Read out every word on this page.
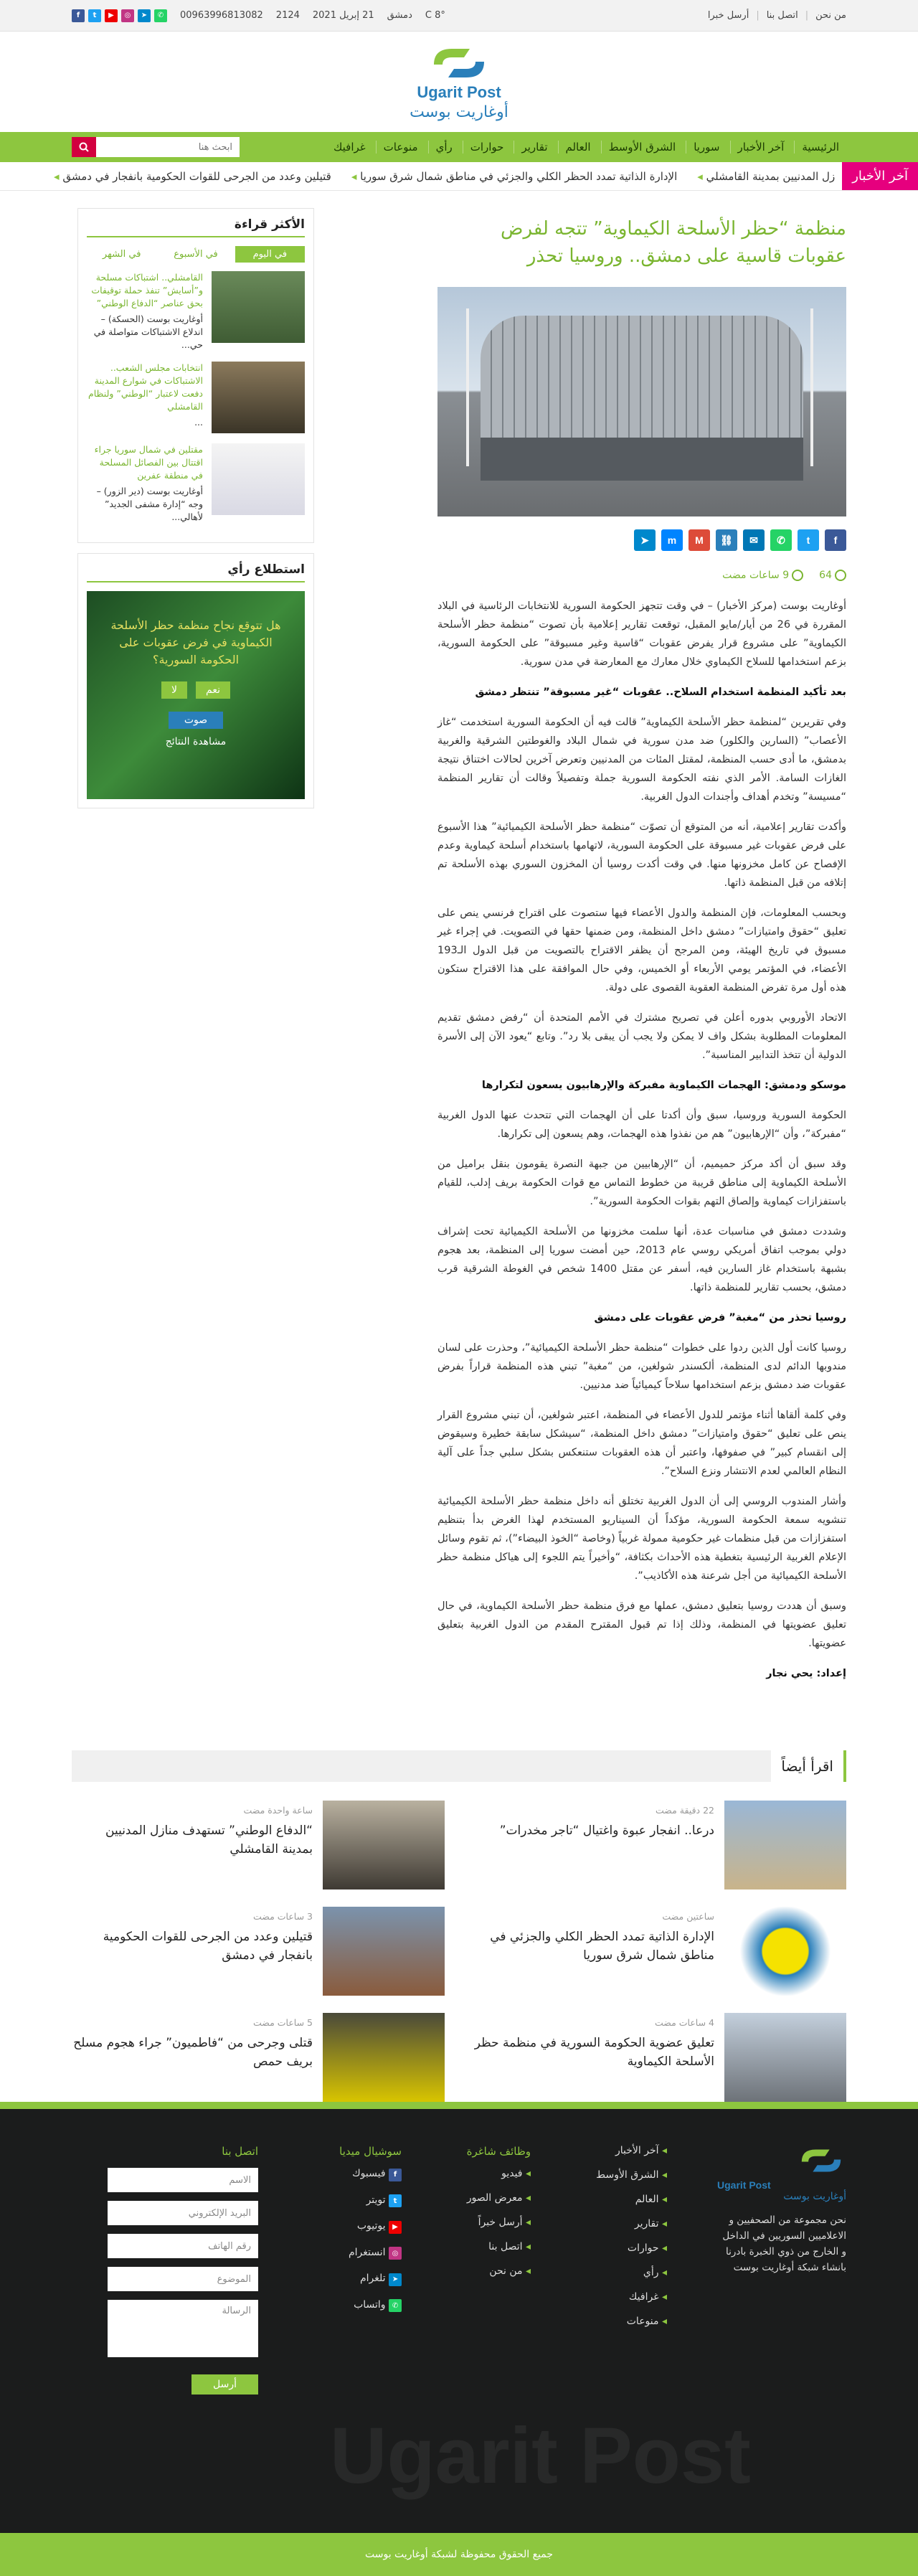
من نحن
|
اتصل بنا
|
أرسل خبرا
°C 8
دمشق
21 إبريل 2021
2124
00963996813082
f	t	▶	◎	➤	✆
Ugarit Post
أوغاريت بوست
الرئيسية
آخر الأخبار
سوريا
الشرق الأوسط
العالم
تقارير
حوارات
رأي
منوعات
غرافيك
ابحث هنا
آخر الأخبار
زل المدنيين بمدينة القامشلي ◂
الإدارة الذاتية تمدد الحظر الكلي والجزئي في مناطق شمال شرق سوريا ◂
قتيلين وعدد من الجرحى للقوات الحكومية بانفجار في دمشق ◂
منظمة “حظر الأسلحة الكيماوية” تتجه لفرض عقوبات قاسية على دمشق.. وروسيا تحذر
f
t
✆
✉
⛓
M
m
➤
64
9 ساعات مضت

أوغاريت بوست (مركز الأخبار) – في وقت تتجهز الحكومة السورية للانتخابات الرئاسية في البلاد المقررة في 26 من أيار/مايو المقبل، توقعت تقارير إعلامية بأن تصوت “منظمة حظر الأسلحة الكيماوية” على مشروع قرار يفرض عقوبات “قاسية وغير مسبوقة” على الحكومة السورية، بزعم استخدامها للسلاح الكيماوي خلال معارك مع المعارضة في مدن سورية.

بعد تأكيد المنظمة استخدام السلاح.. عقوبات “غير مسبوقة” تنتظر دمشق

وفي تقريرين “لمنظمة حظر الأسلحة الكيماوية” قالت فيه أن الحكومة السورية استخدمت “غاز الأعصاب” (السارين والكلور) ضد مدن سورية في شمال البلاد والغوطتين الشرقية والغربية بدمشق، ما أدى حسب المنظمة، لمقتل المئات من المدنيين وتعرض آخرين لحالات اختناق نتيجة الغازات السامة. الأمر الذي نفته الحكومة السورية جملة وتفصيلاً وقالت أن تقارير المنظمة “مسيسة” وتخدم أهداف وأجندات الدول الغربية.

وأكدت تقارير إعلامية، أنه من المتوقع أن تصوّت “منظمة حظر الأسلحة الكيميائية” هذا الأسبوع على فرض عقوبات غير مسبوقة على الحكومة السورية، لاتهامها باستخدام أسلحة كيماوية وعدم الإفصاح عن كامل مخزونها منها. في وقت أكدت روسيا أن المخزون السوري بهذه الأسلحة تم إتلافه من قبل المنظمة ذاتها.

وبحسب المعلومات، فإن المنظمة والدول الأعضاء فيها ستصوت على اقتراح فرنسي ينص على تعليق “حقوق وامتيازات” دمشق داخل المنظمة، ومن ضمنها حقها في التصويت. في إجراء غير مسبوق في تاريخ الهيئة، ومن المرجح أن يظفر الاقتراح بالتصويت من قبل الدول الـ193 الأعضاء، في المؤتمر يومي الأربعاء أو الخميس، وفي حال الموافقة على هذا الاقتراح ستكون هذه أول مرة تفرض المنظمة العقوبة القصوى على دولة.

الاتحاد الأوروبي بدوره أعلن في تصريح مشترك في الأمم المتحدة أن “رفض دمشق تقديم المعلومات المطلوبة بشكل واف لا يمكن ولا يجب أن يبقى بلا رد”. وتابع “يعود الآن إلى الأسرة الدولية أن تتخذ التدابير المناسبة”.

موسكو ودمشق: الهجمات الكيماوية مفبركة والإرهابيون يسعون لتكرارها

الحكومة السورية وروسيا، سبق وأن أكدتا على أن الهجمات التي تتحدث عنها الدول الغربية “مفبركة”، وأن “الإرهابيون” هم من نفذوا هذه الهجمات، وهم يسعون إلى تكرارها.

وقد سبق أن أكد مركز حميميم، أن “الإرهابيين من جبهة النصرة يقومون بنقل براميل من الأسلحة الكيماوية إلى مناطق قريبة من خطوط التماس مع قوات الحكومة بريف إدلب، للقيام باستفزازات كيماوية وإلصاق التهم بقوات الحكومة السورية”.

وشددت دمشق في مناسبات عدة، أنها سلمت مخزونها من الأسلحة الكيميائية تحت إشراف دولي بموجب اتفاق أمريكي روسي عام 2013، حين أمضت سوريا إلى المنظمة، بعد هجوم بشبهة باستخدام غاز السارين فيه، أسفر عن مقتل 1400 شخص في الغوطة الشرقية قرب دمشق، بحسب تقارير للمنظمة ذاتها.

روسيا تحذر من “مغبة” فرض عقوبات على دمشق

روسيا كانت أول الذين ردوا على خطوات “منظمة حظر الأسلحة الكيميائية”، وحذرت على لسان مندوبها الدائم لدى المنظمة، ألكسندر شولغين، من “مغبة” تبني هذه المنظمة قراراً بفرض عقوبات ضد دمشق بزعم استخدامها سلاحاً كيميائياً ضد مدنيين.

وفي كلمة ألقاها أثناء مؤتمر للدول الأعضاء في المنظمة، اعتبر شولغين، أن تبني مشروع القرار ينص على تعليق “حقوق وامتيازات” دمشق داخل المنظمة، “سيشكل سابقة خطيرة وسيقوض إلى انقسام كبير” في صفوفها، واعتبر أن هذه العقوبات ستنعكس بشكل سلبي جداً على آلية النظام العالمي لعدم الانتشار ونزع السلاح”.

وأشار المندوب الروسي إلى أن الدول الغربية تختلق أنه داخل منظمة حظر الأسلحة الكيميائية تنشويه سمعة الحكومة السورية، مؤكداً أن السيناريو المستخدم لهذا الغرض بدأ بتنظيم استفزازات من قبل منظمات غير حكومية ممولة غربياً (وخاصة “الخوذ البيضاء”)، ثم تقوم وسائل الإعلام الغربية الرئيسية بتغطية هذه الأحداث بكثافة، “وأخيراً يتم اللجوء إلى هياكل منظمة حظر الأسلحة الكيميائية من أجل شرعنة هذه الأكاذيب”.

وسبق أن هددت روسيا بتعليق دمشق، عملها مع فرق منظمة حظر الأسلحة الكيماوية، في حال تعليق عضويتها في المنظمة، وذلك إذا تم قبول المقترح المقدم من الدول الغربية بتعليق عضويتها.

إعداد: يحي نجار

الأكثر قراءة
في اليوم
في الأسبوع
في الشهر
القامشلي.. اشتباكات مسلحة و”أسايش” تنفذ حملة توقيفات بحق عناصر “الدفاع الوطني”
أوغاريت بوست (الحسكة) – اندلاع الاشتباكات متواصلة في حي...
انتخابات مجلس الشعب.. الاشتباكات في شوارع المدينة دفعت لاعتبار “الوطني” ولنظام القامشلي
...
مقتلين في شمال سوريا جراء اقتتال بين الفصائل المسلحة في منطقة عفرين
أوغاريت بوست (دير الزور) – وجه “إدارة مشفى الجديد” لأهالي...
استطلاع رأي
هل تتوقع نجاح منظمة حظر الأسلحة الكيماوية في فرض عقوبات على الحكومة السورية؟
نعم
لا
صوت
مشاهدة النتائج
اقرأ أيضاً
22 دقيقة مضت
درعا.. انفجار عبوة واغتيال “تاجر مخدرات”
ساعة واحدة مضت
“الدفاع الوطني” تستهدف منازل المدنيين بمدينة القامشلي
ساعتين مضت
الإدارة الذاتية تمدد الحظر الكلي والجزئي في مناطق شمال شرق سوريا
3 ساعات مضت
قتيلين وعدد من الجرحى للقوات الحكومية بانفجار في دمشق
4 ساعات مضت
تعليق عضوية الحكومة السورية في منظمة حظر الأسلحة الكيماوية
5 ساعات مضت
قتلى وجرحى من “فاطميون” جراء هجوم مسلح بريف حمص
Ugarit Post
Ugarit Post
أوغاريت بوست
نحن مجموعة من الصحفيين و الاعلاميين السوريين في الداخل و الخارج من ذوي الخبرة بادرنا بانشاء شبكة أوغاريت بوست
◂ آخر الأخبار
◂ الشرق الأوسط
◂ العالم
◂ تقارير
◂ حوارات
◂ رأي
◂ غرافيك
◂ منوعات
وظائف شاغرة
◂ فيديو
◂ معرض الصور
◂ أرسل خبراً
◂ اتصل بنا
◂ من نحن
سوشيال ميديا
f فيسبوك
t تويتر
▶ يوتيوب
◎ انستغرام
➤ تلغرام
✆ واتساب
اتصل بنا
الاسم
البريد الإلكتروني
رقم الهاتف
الموضوع
الرسالة
أرسل
جميع الحقوق محفوظة لشبكة أوغاريت بوست
